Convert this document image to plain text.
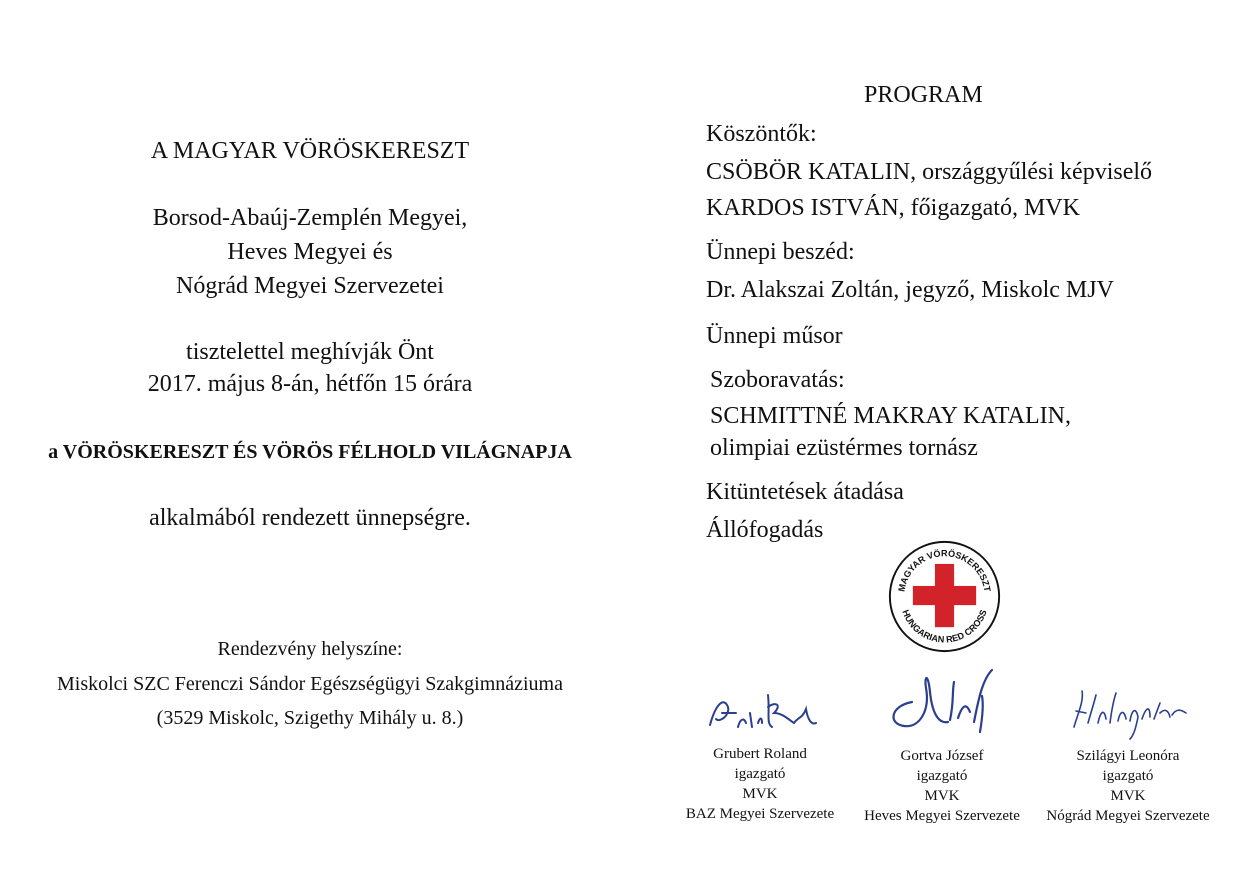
A MAGYAR VÖRÖSKERESZT
Borsod-Abaúj-Zemplén Megyei,
Heves Megyei és
Nógrád Megyei Szervezetei
tisztelettel meghívják Önt
2017. május 8-án, hétfőn 15 órára
a VÖRÖSKERESZT ÉS VÖRÖS FÉLHOLD VILÁGNAPJA
alkalmából rendezett ünnepségre.
Rendezvény helyszíne:
Miskolci SZC Ferenczi Sándor Egészségügyi Szakgimnáziuma
(3529 Miskolc, Szigethy Mihály u. 8.)
PROGRAM
Köszöntők:
CSÖBÖR KATALIN, országgyűlési képviselő
KARDOS ISTVÁN, főigazgató, MVK
Ünnepi beszéd:
Dr. Alakszai Zoltán, jegyző, Miskolc MJV
Ünnepi műsor
Szoboravatás:
SCHMITTNÉ MAKRAY KATALIN,
olimpiai ezüstérmes tornász
Kitüntetések átadása
Állófogadás
MAGYAR VÖRÖSKERESZT
HUNGARIAN RED CROSS
Grubert Roland
igazgató
MVK
BAZ Megyei Szervezete
Gortva József
igazgató
MVK
Heves Megyei Szervezete
Szilágyi Leonóra
igazgató
MVK
Nógrád Megyei Szervezete
